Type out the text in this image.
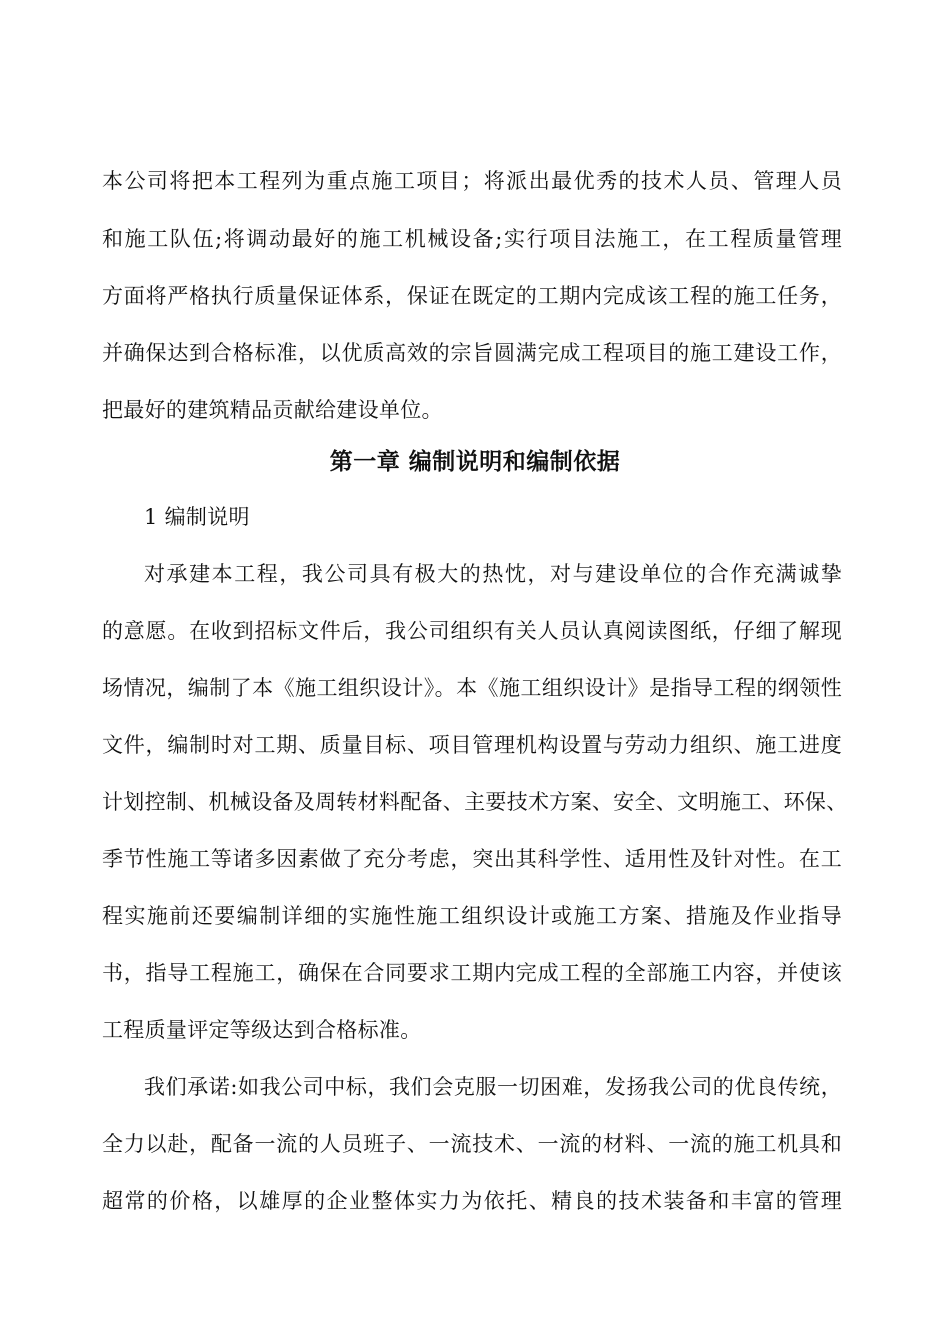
本公司将把本工程列为重点施工项目；将派出最优秀的技术人员、管理人员
和施工队伍;将调动最好的施工机械设备;实行项目法施工，在工程质量管理
方面将严格执行质量保证体系，保证在既定的工期内完成该工程的施工任务，
并确保达到合格标准，以优质高效的宗旨圆满完成工程项目的施工建设工作，
把最好的建筑精品贡献给建设单位。
第一章 编制说明和编制依据
1 编制说明
对承建本工程，我公司具有极大的热忱，对与建设单位的合作充满诚挚
的意愿。在收到招标文件后，我公司组织有关人员认真阅读图纸，仔细了解现
场情况，编制了本《施工组织设计》。本《施工组织设计》是指导工程的纲领性
文件，编制时对工期、质量目标、项目管理机构设置与劳动力组织、施工进度
计划控制、机械设备及周转材料配备、主要技术方案、安全、文明施工、环保、
季节性施工等诸多因素做了充分考虑，突出其科学性、适用性及针对性。在工
程实施前还要编制详细的实施性施工组织设计或施工方案、措施及作业指导
书，指导工程施工，确保在合同要求工期内完成工程的全部施工内容，并使该
工程质量评定等级达到合格标准。
我们承诺:如我公司中标，我们会克服一切困难，发扬我公司的优良传统，
全力以赴，配备一流的人员班子、一流技术、一流的材料、一流的施工机具和
超常的价格，以雄厚的企业整体实力为依托、精良的技术装备和丰富的管理
